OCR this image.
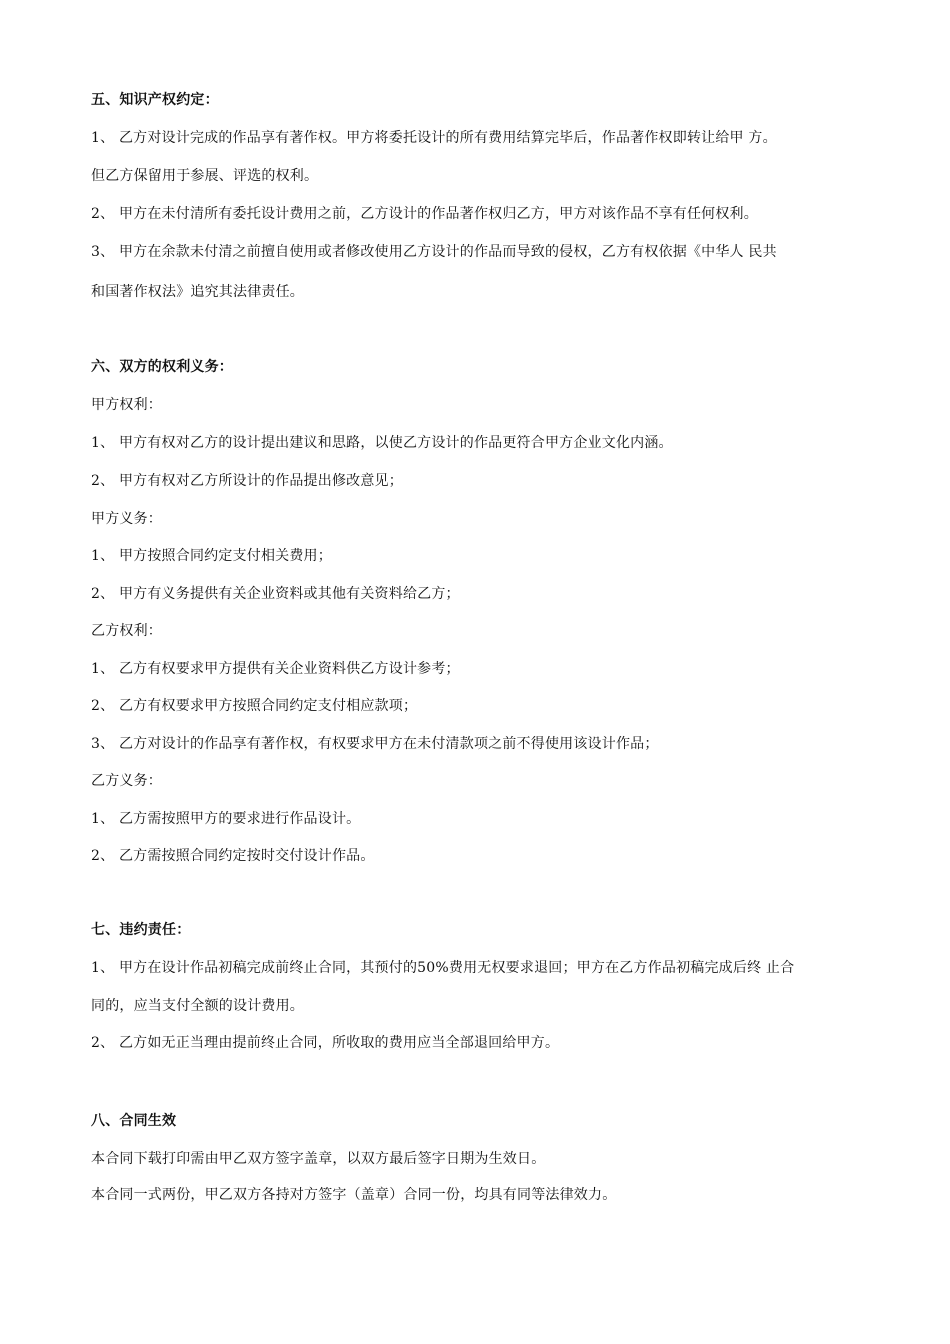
五、知识产权约定：
1、 乙方对设计完成的作品享有著作权。甲方将委托设计的所有费用结算完毕后，作品著作权即转让给甲 方。
但乙方保留用于参展、评选的权利。
2、 甲方在未付清所有委托设计费用之前，乙方设计的作品著作权归乙方，甲方对该作品不享有任何权利。
3、 甲方在余款未付清之前擅自使用或者修改使用乙方设计的作品而导致的侵权，乙方有权依据《中华人 民共
和国著作权法》追究其法律责任。
六、双方的权利义务：
甲方权利：
1、 甲方有权对乙方的设计提出建议和思路，以使乙方设计的作品更符合甲方企业文化内涵。
2、 甲方有权对乙方所设计的作品提出修改意见；
甲方义务：
1、 甲方按照合同约定支付相关费用；
2、 甲方有义务提供有关企业资料或其他有关资料给乙方；
乙方权利：
1、 乙方有权要求甲方提供有关企业资料供乙方设计参考；
2、 乙方有权要求甲方按照合同约定支付相应款项；
3、 乙方对设计的作品享有著作权，有权要求甲方在未付清款项之前不得使用该设计作品；
乙方义务：
1、 乙方需按照甲方的要求进行作品设计。
2、 乙方需按照合同约定按时交付设计作品。
七、违约责任：
1、 甲方在设计作品初稿完成前终止合同，其预付的50%费用无权要求退回；甲方在乙方作品初稿完成后终 止合
同的，应当支付全额的设计费用。
2、 乙方如无正当理由提前终止合同，所收取的费用应当全部退回给甲方。
八、合同生效
本合同下载打印需由甲乙双方签字盖章，以双方最后签字日期为生效日。
本合同一式两份，甲乙双方各持对方签字（盖章）合同一份，均具有同等法律效力。
